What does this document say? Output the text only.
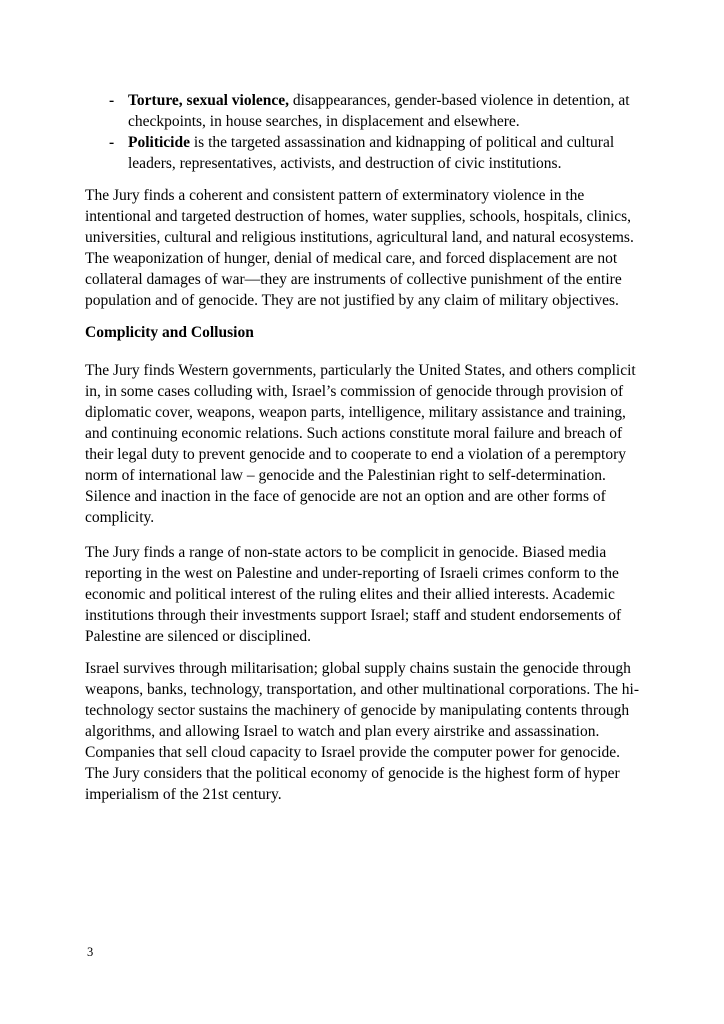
- Torture, sexual violence, disappearances, gender-based violence in detention, at checkpoints, in house searches, in displacement and elsewhere.
- Politicide is the targeted assassination and kidnapping of political and cultural leaders, representatives, activists, and destruction of civic institutions.

The Jury finds a coherent and consistent pattern of exterminatory violence in the intentional and targeted destruction of homes, water supplies, schools, hospitals, clinics, universities, cultural and religious institutions, agricultural land, and natural ecosystems. The weaponization of hunger, denial of medical care, and forced displacement are not collateral damages of war—they are instruments of collective punishment of the entire population and of genocide. They are not justified by any claim of military objectives.

Complicity and Collusion

The Jury finds Western governments, particularly the United States, and others complicit in, in some cases colluding with, Israel’s commission of genocide through provision of diplomatic cover, weapons, weapon parts, intelligence, military assistance and training, and continuing economic relations. Such actions constitute moral failure and breach of their legal duty to prevent genocide and to cooperate to end a violation of a peremptory norm of international law – genocide and the Palestinian right to self-determination. Silence and inaction in the face of genocide are not an option and are other forms of complicity.

The Jury finds a range of non-state actors to be complicit in genocide. Biased media reporting in the west on Palestine and under-reporting of Israeli crimes conform to the economic and political interest of the ruling elites and their allied interests. Academic institutions through their investments support Israel; staff and student endorsements of Palestine are silenced or disciplined.

Israel survives through militarisation; global supply chains sustain the genocide through weapons, banks, technology, transportation, and other multinational corporations. The hi-technology sector sustains the machinery of genocide by manipulating contents through algorithms, and allowing Israel to watch and plan every airstrike and assassination. Companies that sell cloud capacity to Israel provide the computer power for genocide. The Jury considers that the political economy of genocide is the highest form of hyper imperialism of the 21st century.

3
